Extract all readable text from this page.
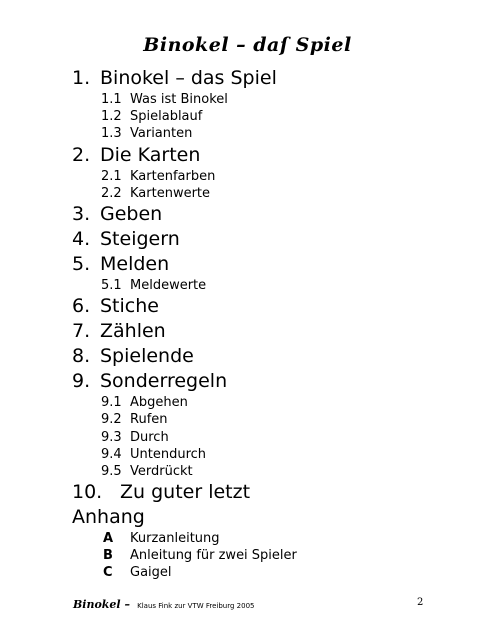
Binokel – daſ Spiel
1. Binokel – das Spiel
1.1 Was ist Binokel
1.2 Spielablauf
1.3 Varianten
2. Die Karten
2.1 Kartenfarben
2.2 Kartenwerte
3. Geben
4. Steigern
5. Melden
5.1 Meldewerte
6. Stiche
7. Zählen
8. Spielende
9. Sonderregeln
9.1 Abgehen
9.2 Rufen
9.3 Durch
9.4 Untendurch
9.5 Verdrückt
10. Zu guter letzt
Anhang
A Kurzanleitung
B Anleitung für zwei Spieler
C Gaigel
Binokel – Klaus Fink zur VTW Freiburg 2005	2
